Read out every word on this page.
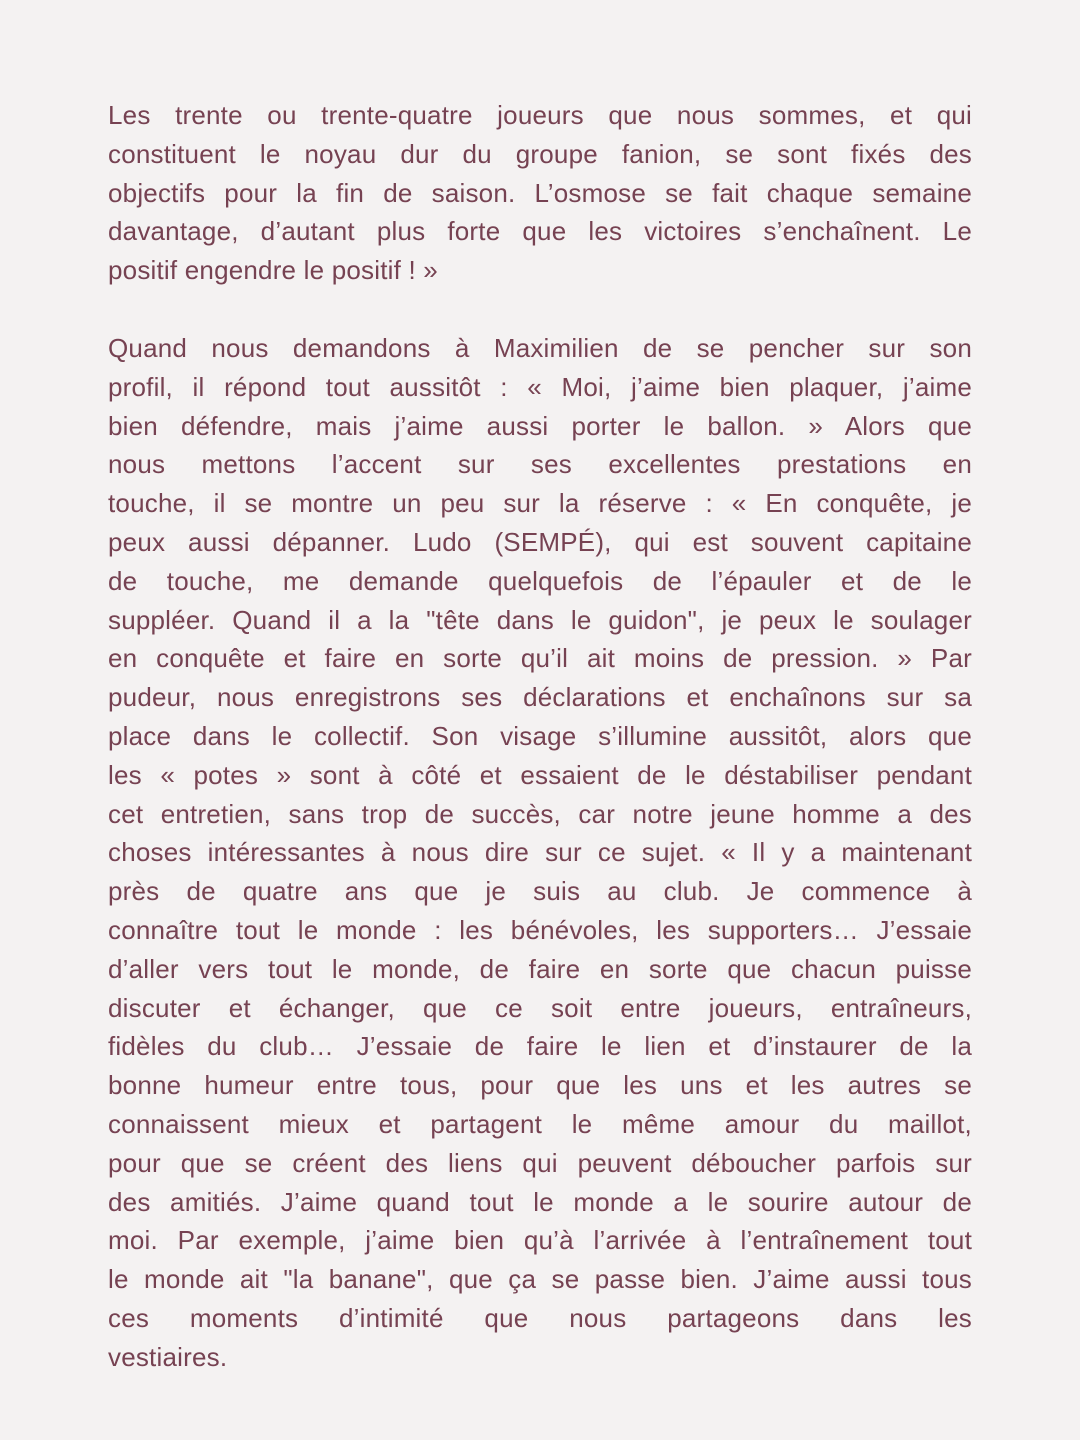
Les trente ou trente-quatre joueurs que nous sommes, et qui
constituent le noyau dur du groupe fanion, se sont fixés des
objectifs pour la fin de saison. L’osmose se fait chaque semaine
davantage, d’autant plus forte que les victoires s’enchaînent. Le
positif engendre le positif ! »

Quand nous demandons à Maximilien de se pencher sur son
profil, il répond tout aussitôt : « Moi, j’aime bien plaquer, j’aime
bien défendre, mais j’aime aussi porter le ballon. » Alors que
nous mettons l’accent sur ses excellentes prestations en
touche, il se montre un peu sur la réserve : « En conquête, je
peux aussi dépanner. Ludo (SEMPÉ), qui est souvent capitaine
de touche, me demande quelquefois de l’épauler et de le
suppléer. Quand il a la "tête dans le guidon", je peux le soulager
en conquête et faire en sorte qu’il ait moins de pression. » Par
pudeur, nous enregistrons ses déclarations et enchaînons sur sa
place dans le collectif. Son visage s’illumine aussitôt, alors que
les « potes » sont à côté et essaient de le déstabiliser pendant
cet entretien, sans trop de succès, car notre jeune homme a des
choses intéressantes à nous dire sur ce sujet. « Il y a maintenant
près de quatre ans que je suis au club. Je commence à
connaître tout le monde : les bénévoles, les supporters… J’essaie
d’aller vers tout le monde, de faire en sorte que chacun puisse
discuter et échanger, que ce soit entre joueurs, entraîneurs,
fidèles du club… J’essaie de faire le lien et d’instaurer de la
bonne humeur entre tous, pour que les uns et les autres se
connaissent mieux et partagent le même amour du maillot,
pour que se créent des liens qui peuvent déboucher parfois sur
des amitiés. J’aime quand tout le monde a le sourire autour de
moi. Par exemple, j’aime bien qu’à l’arrivée à l’entraînement tout
le monde ait "la banane", que ça se passe bien. J’aime aussi tous
ces moments d’intimité que nous partageons dans les
vestiaires.
